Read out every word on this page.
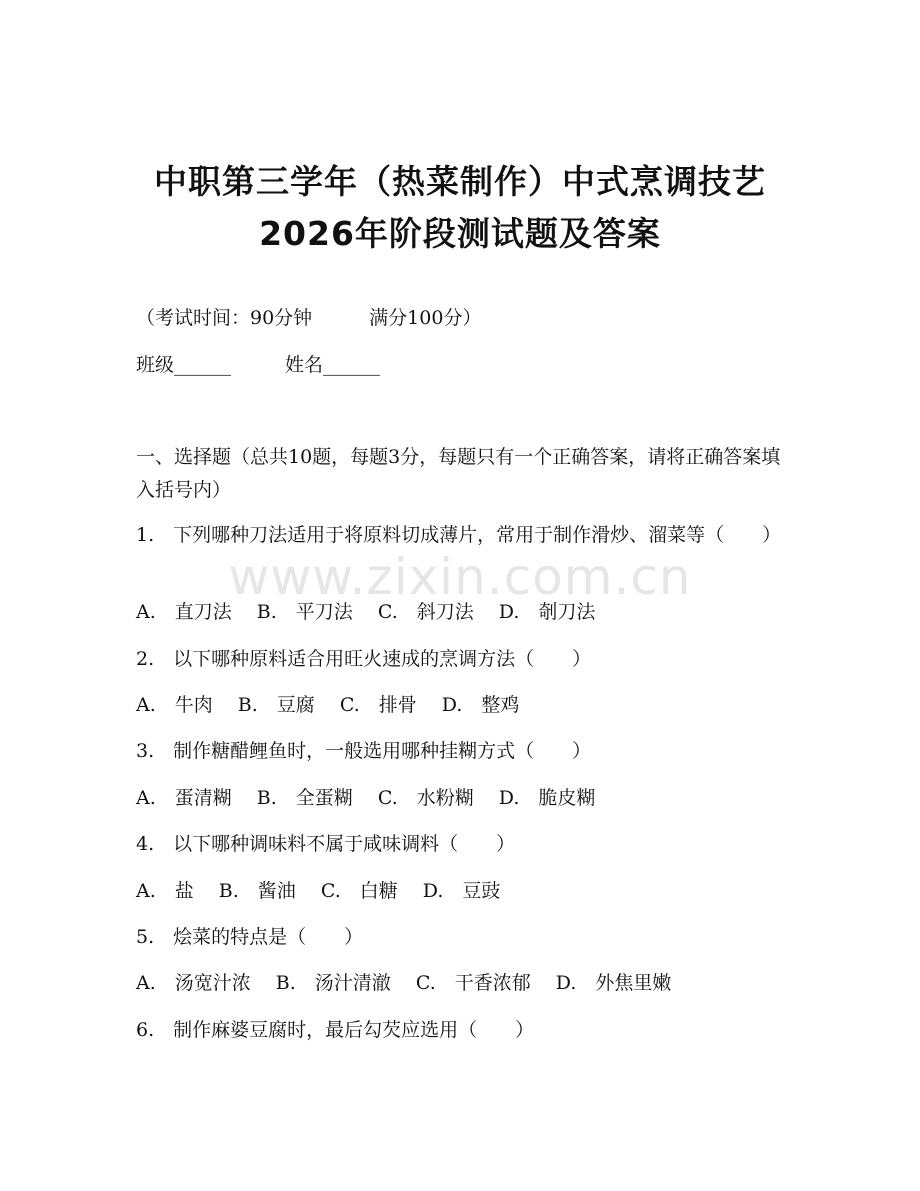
www.zixin.com.cn
中职第三学年（热菜制作）中式烹调技艺
2026年阶段测试题及答案
（考试时间：90分钟　　　满分100分）
班级______	姓名______
一、选择题（总共10题，每题3分，每题只有一个正确答案，请将正确答案填入括号内）
1.　下列哪种刀法适用于将原料切成薄片，常用于制作滑炒、溜菜等（　　）
A.　直刀法　 B.　平刀法　 C.　斜刀法　 D.　剞刀法
2.　以下哪种原料适合用旺火速成的烹调方法（　　）
A.　牛肉　 B.　豆腐　 C.　排骨　 D.　整鸡
3.　制作糖醋鲤鱼时，一般选用哪种挂糊方式（　　）
A.　蛋清糊　 B.　全蛋糊　 C.　水粉糊　 D.　脆皮糊
4.　以下哪种调味料不属于咸味调料（　　）
A.　盐　 B.　酱油　 C.　白糖　 D.　豆豉
5.　烩菜的特点是（　　）
A.　汤宽汁浓　 B.　汤汁清澈　 C.　干香浓郁　 D.　外焦里嫩
6.　制作麻婆豆腐时，最后勾芡应选用（　　）
